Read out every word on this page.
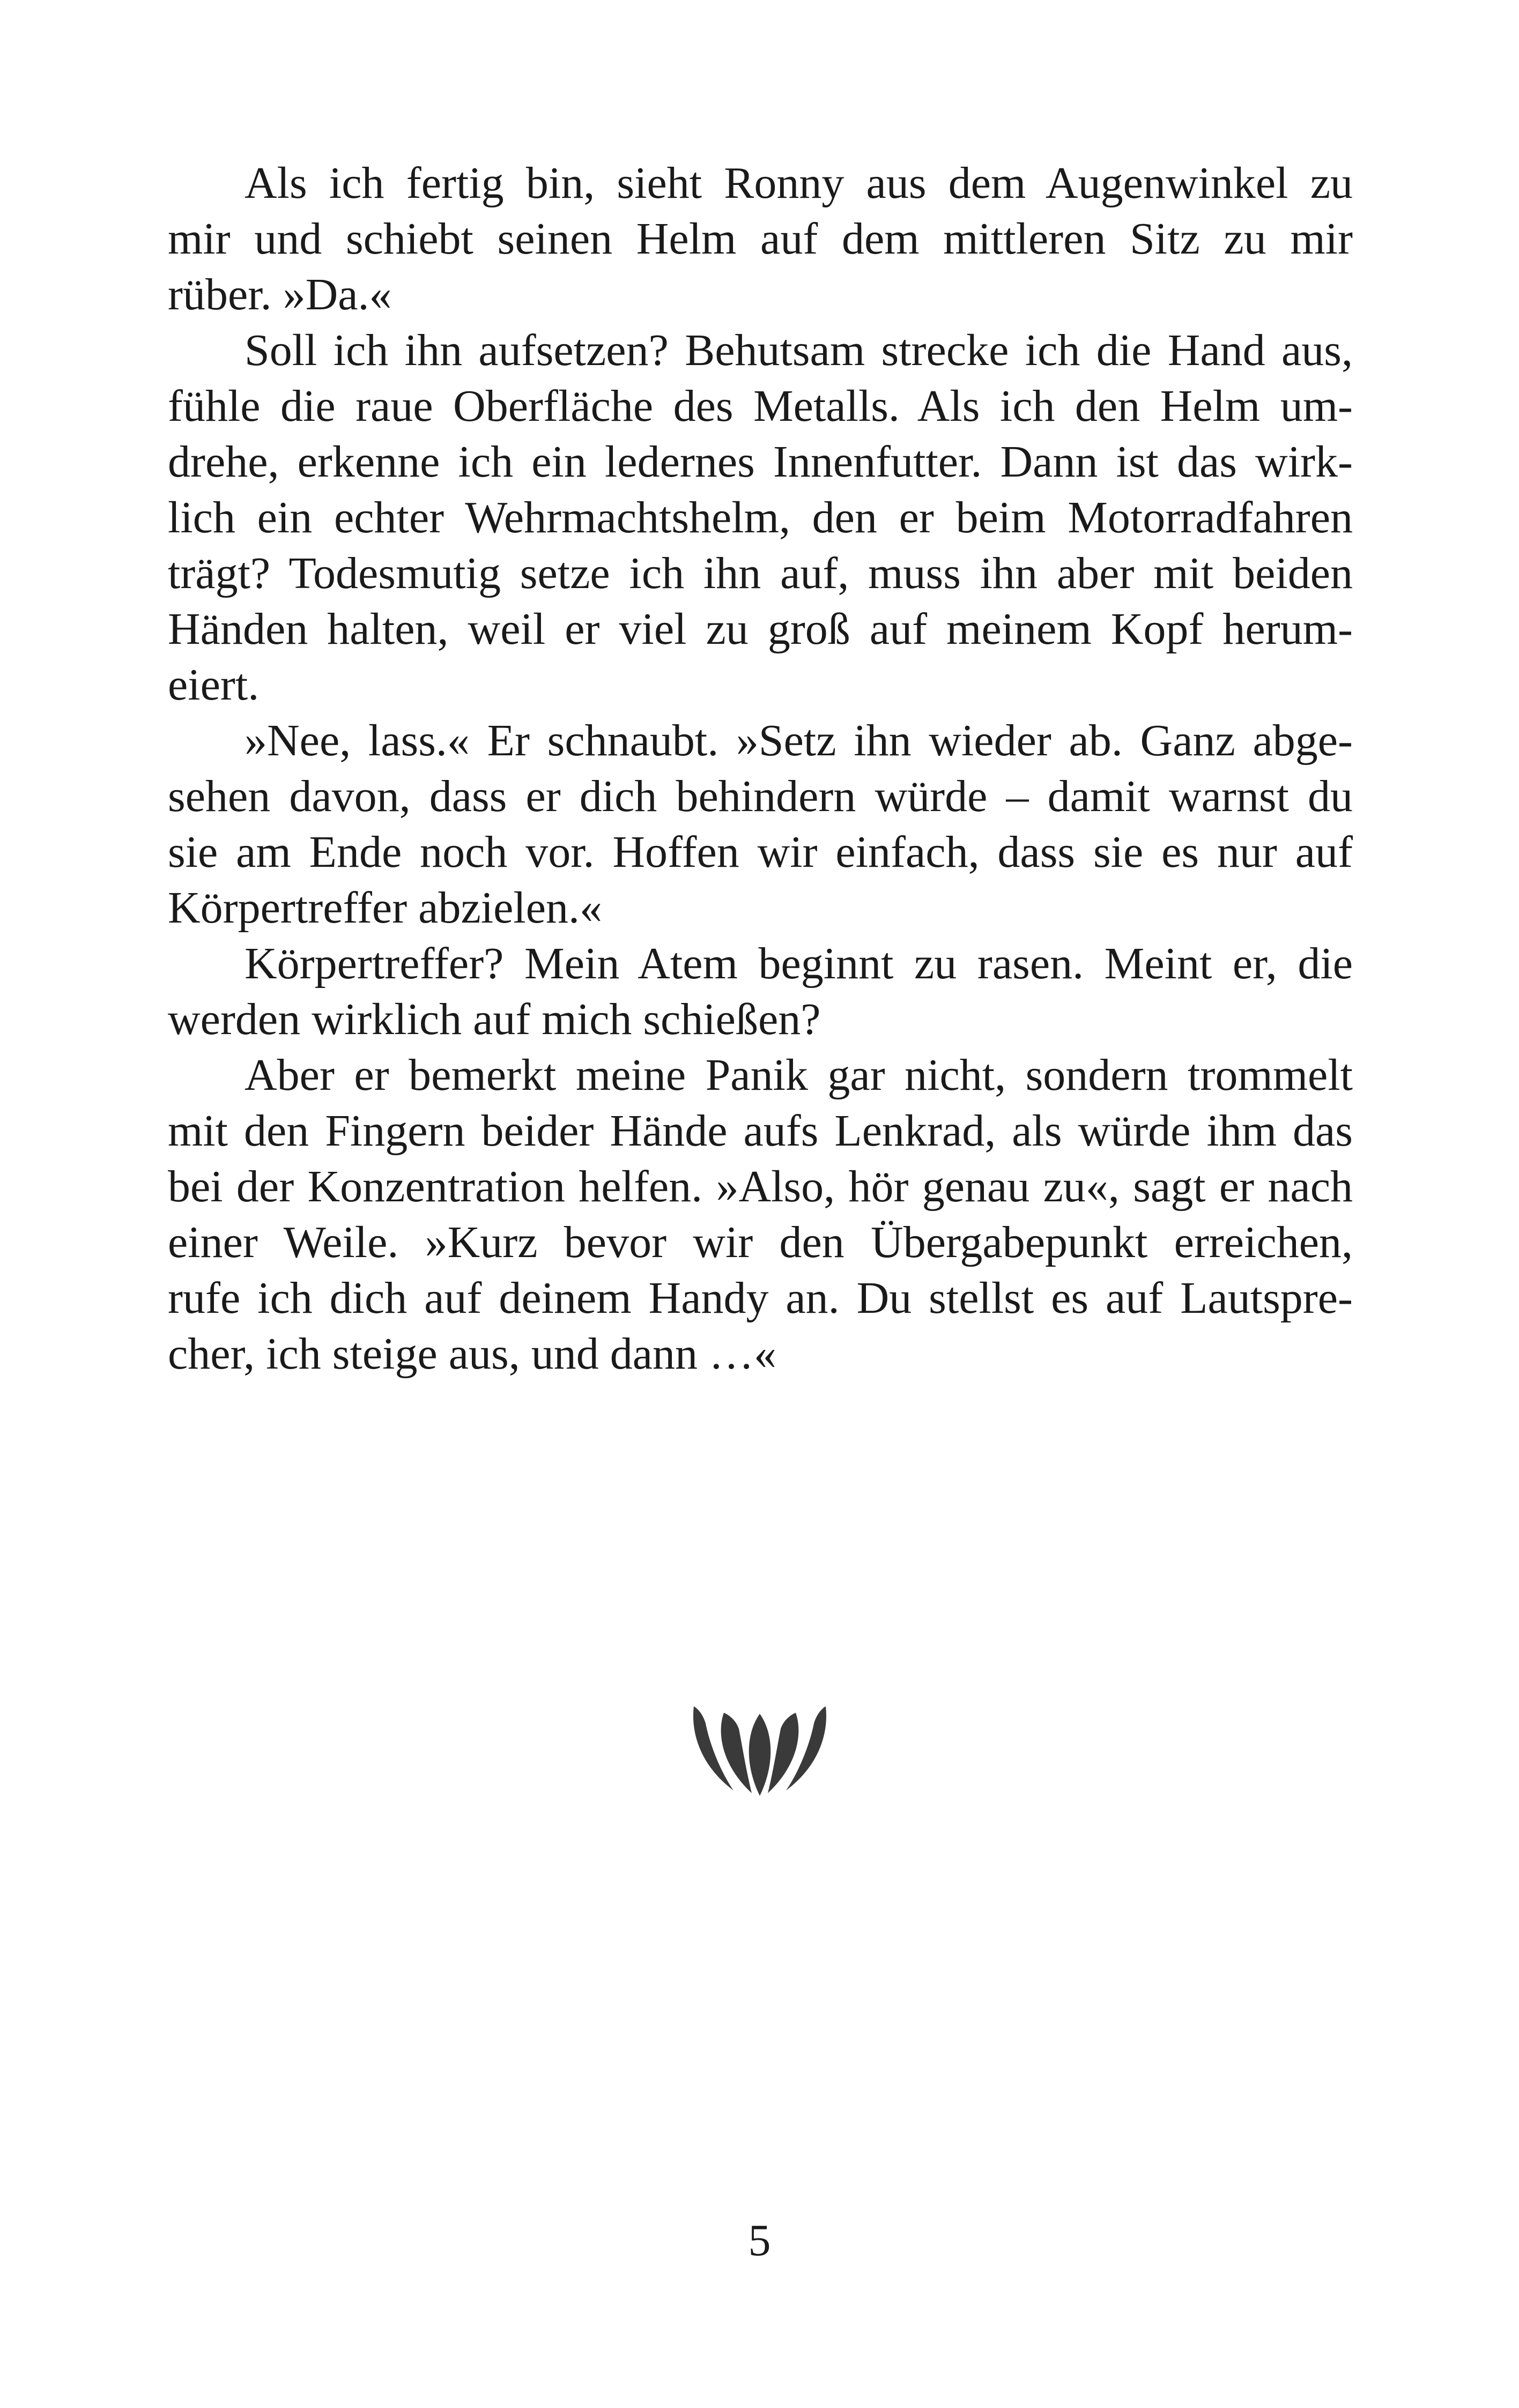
Als ich fertig bin, sieht Ronny aus dem Augenwinkel zu
mir und schiebt seinen Helm auf dem mittleren Sitz zu mir
rüber. »Da.«
Soll ich ihn aufsetzen? Behutsam strecke ich die Hand aus,
fühle die raue Oberfläche des Metalls. Als ich den Helm um-
drehe, erkenne ich ein ledernes Innenfutter. Dann ist das wirk-
lich ein echter Wehrmachtshelm, den er beim Motorradfahren
trägt? Todesmutig setze ich ihn auf, muss ihn aber mit beiden
Händen halten, weil er viel zu groß auf meinem Kopf herum-
eiert.
»Nee, lass.« Er schnaubt. »Setz ihn wieder ab. Ganz abge-
sehen davon, dass er dich behindern würde – damit warnst du
sie am Ende noch vor. Hoffen wir einfach, dass sie es nur auf
Körpertreffer abzielen.«
Körpertreffer? Mein Atem beginnt zu rasen. Meint er, die
werden wirklich auf mich schießen?
Aber er bemerkt meine Panik gar nicht, sondern trommelt
mit den Fingern beider Hände aufs Lenkrad, als würde ihm das
bei der Konzentration helfen. »Also, hör genau zu«, sagt er nach
einer Weile. »Kurz bevor wir den Übergabepunkt erreichen,
rufe ich dich auf deinem Handy an. Du stellst es auf Lautspre-
cher, ich steige aus, und dann …«
5
